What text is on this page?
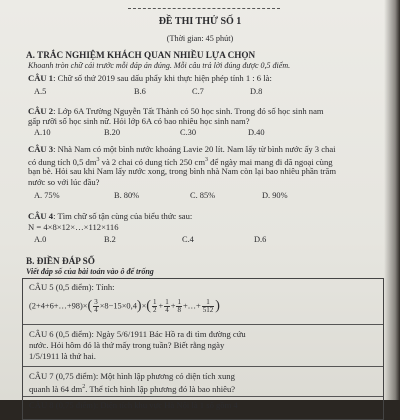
ĐỀ THI THỬ SỐ 1
(Thời gian: 45 phút)
A. TRẮC NGHIỆM KHÁCH QUAN NHIỀU LỰA CHỌN
Khoanh tròn chữ cái trước mỗi đáp án đúng. Mỗi câu trả lời đúng được 0,5 điểm.
CÂU 1: Chữ số thứ 2019 sau dấu phẩy khi thực hiện phép tính 1 : 6 là:
A.5	B.6	C.7	D.8
CÂU 2: Lớp 6A Trường Nguyễn Tất Thành có 50 học sinh. Trong đó số học sinh nam
gấp rưỡi số học sinh nữ. Hỏi lớp 6A có bao nhiêu học sinh nam?
A.10	B.20	C.30	D.40
CÂU 3: Nhà Nam có một bình nước khoáng Lavie 20 lít. Nam lấy từ bình nước ấy 3 chai
có dung tích 0,5 $dm^3$ và 2 chai có dung tích 250 $cm^3$ để ngày mai mang đi dã ngoại cùng
bạn bè. Hỏi sau khi Nam lấy nước xong, trong bình nhà Nam còn lại bao nhiêu phần trăm
nước so với lúc đầu?
A. 75%	B. 80%	C. 85%	D. 90%
CÂU 4: Tìm chữ số tận cùng của biểu thức sau:
N = 4×8×12×…×112×116
A.0	B.2	C.4	D.6
B. ĐIỀN ĐÁP SỐ
Viết đáp số của bài toán vào ô để trống
CÂU 5 (0,5 điểm): Tính:
(2+4+6+…+98)×( $\frac{3}{4} \times 8-15\times 0,4)\times( \frac{1}{2} + \frac{1}{4} + \frac{1}{8}$ +…+ $\frac{1}{512}$ )
CÂU 6 (0,5 điểm): Ngày 5/6/1911 Bác Hồ ra đi tìm đường cứu
nước. Hỏi hôm đó là thứ mấy trong tuần? Biết rằng ngày
1/5/1911 là thứ hai.
CÂU 7 (0,75 điểm): Một hình lập phương có diện tích xung
quanh là 64 $dm^2$. Thể tích hình lập phương đó là bao nhiêu?
CÂU 8 (0,75 điểm): Diện tích khu vực Hà Nội là 1 số gồm 4
